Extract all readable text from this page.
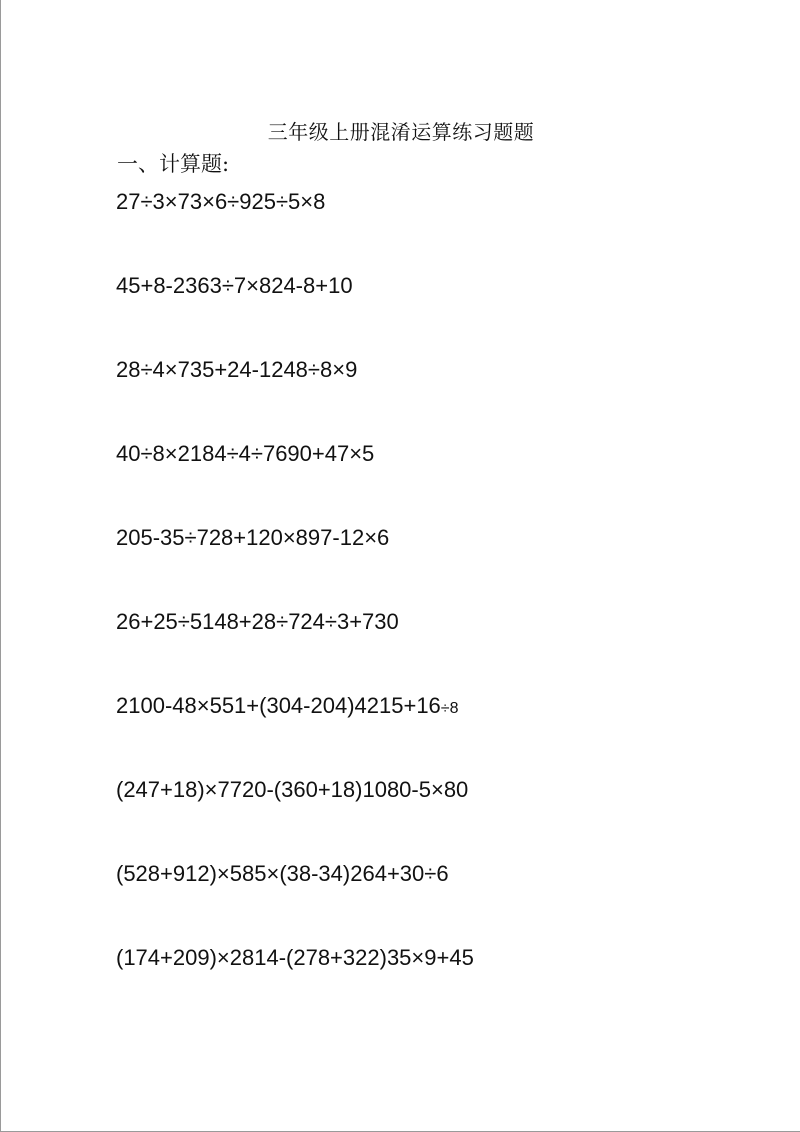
三年级上册混淆运算练习题题
一、计算题:
27÷3×73×6÷925÷5×8
45+8-2363÷7×824-8+10
28÷4×735+24-1248÷8×9
40÷8×2184÷4÷7690+47×5
205-35÷728+120×897-12×6
26+25÷5148+28÷724÷3+730
2100-48×551+(304-204)4215+16÷8
(247+18)×7720-(360+18)1080-5×80
(528+912)×585×(38-34)264+30÷6
(174+209)×2814-(278+322)35×9+45
